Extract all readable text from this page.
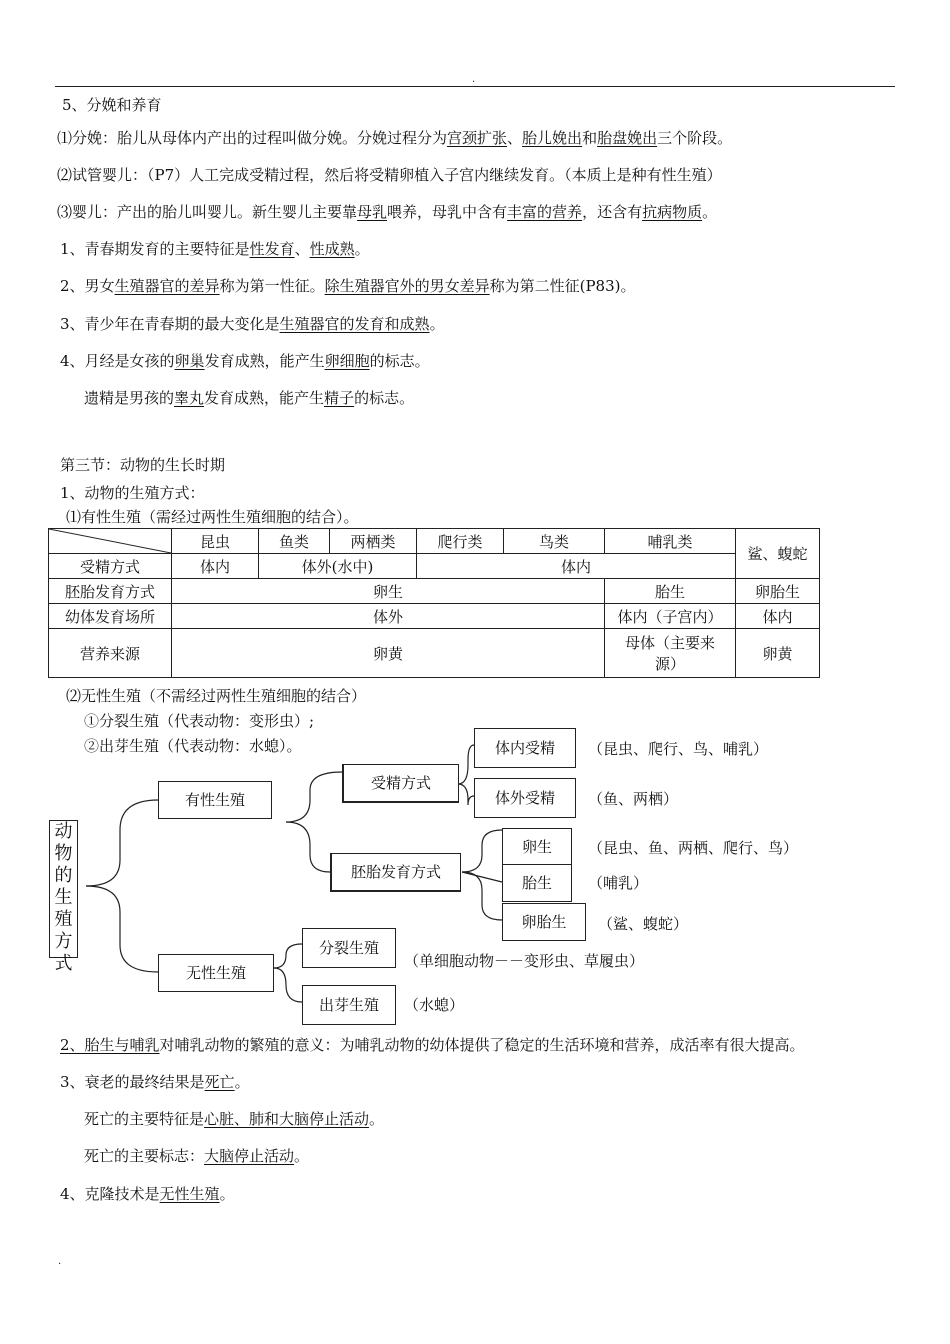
.
5、分娩和养育
⑴分娩：胎儿从母体内产出的过程叫做分娩。分娩过程分为宫颈扩张、胎儿娩出和胎盘娩出三个阶段。
⑵试管婴儿：（P7）人工完成受精过程，然后将受精卵植入子宫内继续发育。（本质上是种有性生殖）
⑶婴儿：产出的胎儿叫婴儿。新生婴儿主要靠母乳喂养，母乳中含有丰富的营养，还含有抗病物质。
1、青春期发育的主要特征是性发育、性成熟。
2、男女生殖器官的差异称为第一性征。除生殖器官外的男女差异称为第二性征(P83)。
3、青少年在青春期的最大变化是生殖器官的发育和成熟。
4、月经是女孩的卵巢发育成熟，能产生卵细胞的标志。
遗精是男孩的睾丸发育成熟，能产生精子的标志。
第三节：动物的生长时期
1、动物的生殖方式：
⑴有性生殖（需经过两性生殖细胞的结合）。
	昆虫	鱼类	两栖类	爬行类	鸟类	哺乳类	鲨、蝮蛇
受精方式	体内	体外(水中)		体内			
胚胎发育方式	卵生					胎生	卵胎生
幼体发育场所	体外					体内（子宫内）	体内
营养来源	卵黄					母体（主要来源）	卵黄
⑵无性生殖（不需经过两性生殖细胞的结合）
①分裂生殖（代表动物：变形虫）;
②出芽生殖（代表动物：水螅）。
动物的生殖方式
有性生殖
无性生殖
受精方式
胚胎发育方式
体内受精
体外受精
卵生
胎生
卵胎生
分裂生殖
出芽生殖
（昆虫、爬行、鸟、哺乳）
（鱼、两栖）
（昆虫、鱼、两栖、爬行、鸟）
（哺乳）
（鲨、蝮蛇）
（单细胞动物－－变形虫、草履虫）
（水螅）
2、胎生与哺乳对哺乳动物的繁殖的意义：为哺乳动物的幼体提供了稳定的生活环境和营养，成活率有很大提高。
3、衰老的最终结果是死亡。
死亡的主要特征是心脏、肺和大脑停止活动。
死亡的主要标志：大脑停止活动。
4、克隆技术是无性生殖。
.
